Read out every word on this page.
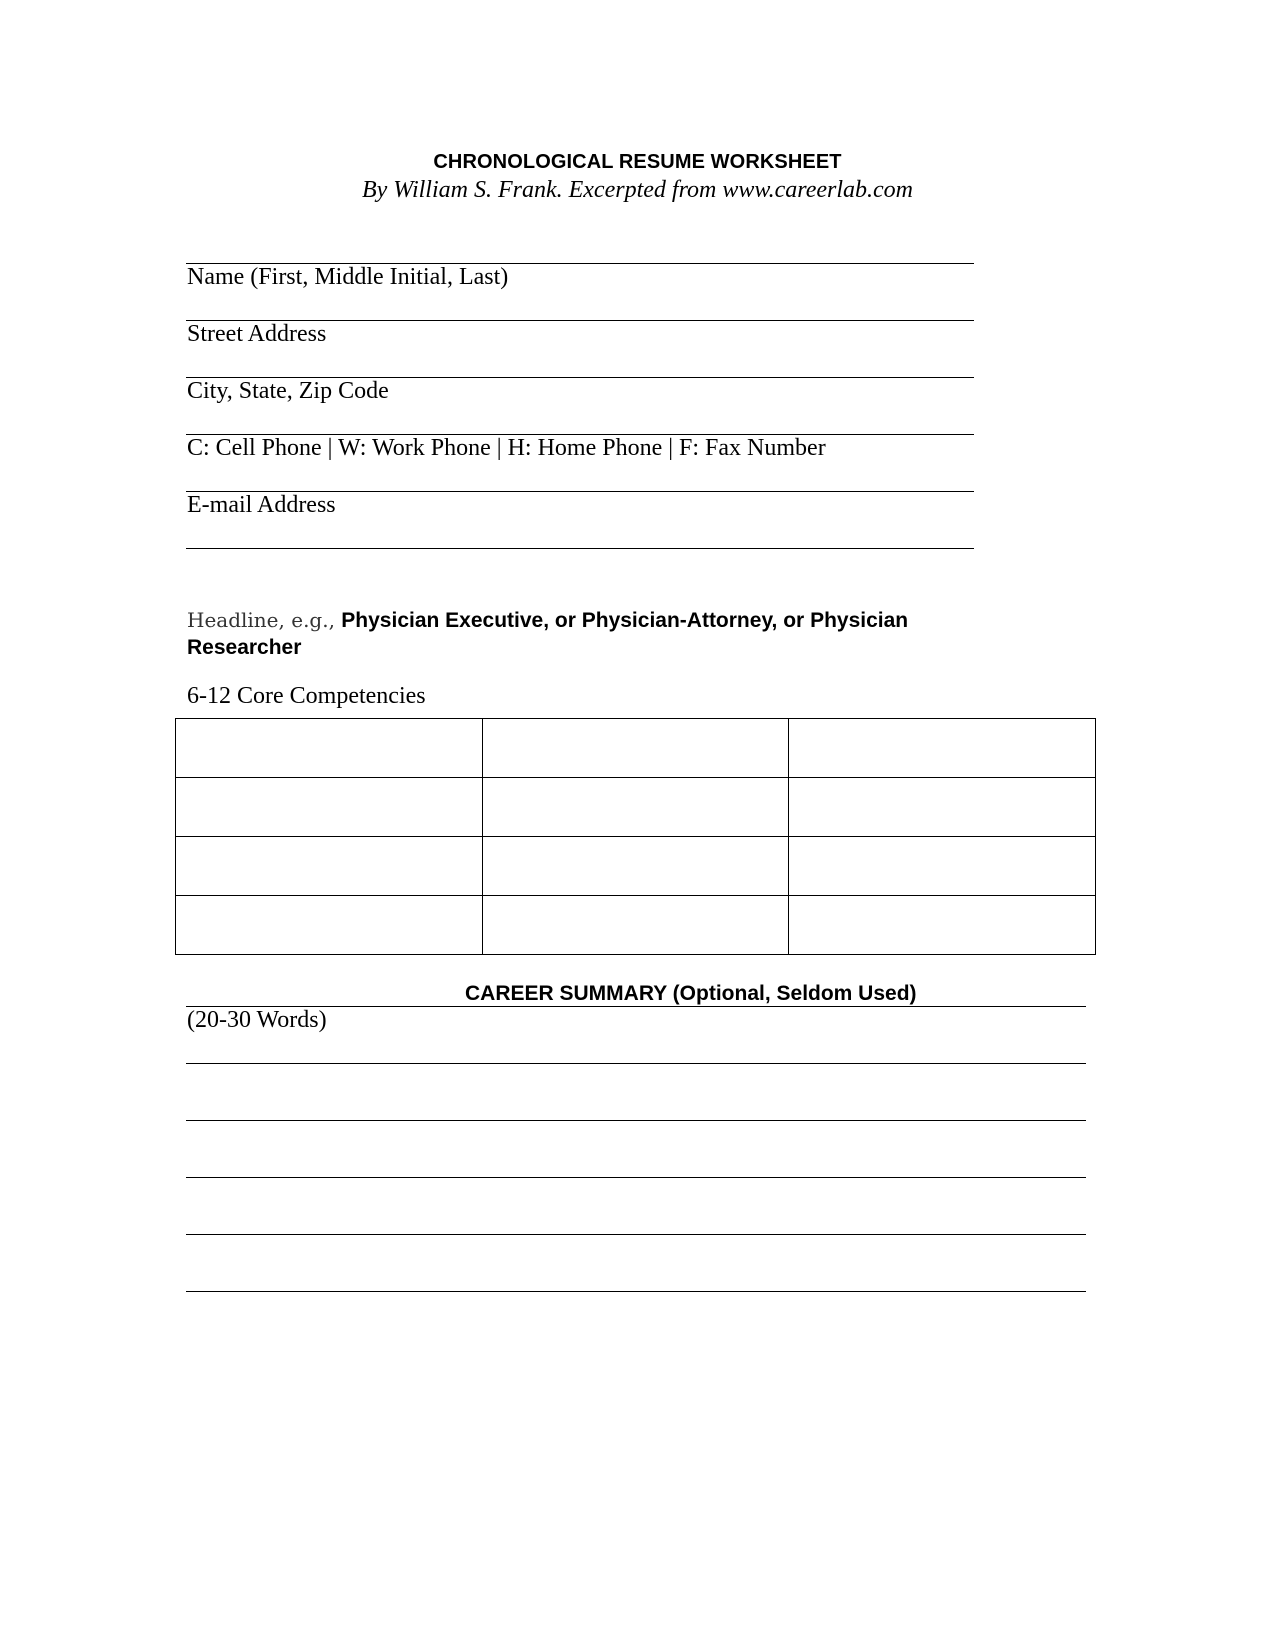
CHRONOLOGICAL RESUME WORKSHEET
By William S. Frank. Excerpted from www.careerlab.com
Name (First, Middle Initial, Last)
Street Address
City, State, Zip Code
C: Cell Phone | W: Work Phone | H: Home Phone | F: Fax Number
E-mail Address
Headline, e.g., Physician Executive, or Physician-Attorney, or Physician Researcher
6-12 Core Competencies

CAREER SUMMARY (Optional, Seldom Used)
(20-30 Words)
